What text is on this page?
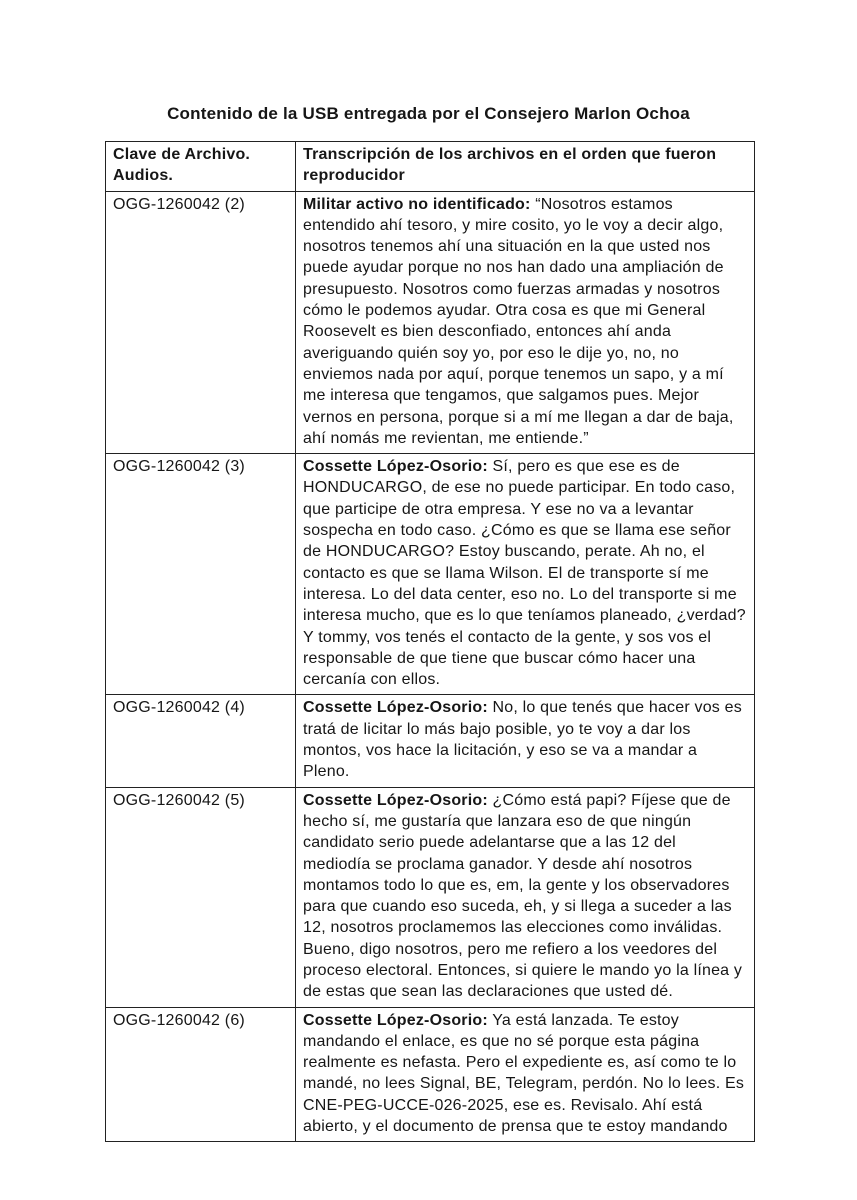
Contenido de la USB entregada por el Consejero Marlon Ochoa
Clave de Archivo. Audios.	Transcripción de los archivos en el orden que fueron reproducidor
OGG-1260042 (2)	Militar activo no identificado: “Nosotros estamos entendido ahí tesoro, y mire cosito, yo le voy a decir algo, nosotros tenemos ahí una situación en la que usted nos puede ayudar porque no nos han dado una ampliación de presupuesto. Nosotros como fuerzas armadas y nosotros cómo le podemos ayudar. Otra cosa es que mi General Roosevelt es bien desconfiado, entonces ahí anda averiguando quién soy yo, por eso le dije yo, no, no enviemos nada por aquí, porque tenemos un sapo, y a mí me interesa que tengamos, que salgamos pues. Mejor vernos en persona, porque si a mí me llegan a dar de baja, ahí nomás me revientan, me entiende.”
OGG-1260042 (3)	Cossette López-Osorio: Sí, pero es que ese es de HONDUCARGO, de ese no puede participar. En todo caso, que participe de otra empresa. Y ese no va a levantar sospecha en todo caso. ¿Cómo es que se llama ese señor de HONDUCARGO? Estoy buscando, perate. Ah no, el contacto es que se llama Wilson. El de transporte sí me interesa. Lo del data center, eso no. Lo del transporte si me interesa mucho, que es lo que teníamos planeado, ¿verdad? Y tommy, vos tenés el contacto de la gente, y sos vos el responsable de que tiene que buscar cómo hacer una cercanía con ellos.
OGG-1260042 (4)	Cossette López-Osorio: No, lo que tenés que hacer vos es tratá de licitar lo más bajo posible, yo te voy a dar los montos, vos hace la licitación, y eso se va a mandar a Pleno.
OGG-1260042 (5)	Cossette López-Osorio: ¿Cómo está papi? Fíjese que de hecho sí, me gustaría que lanzara eso de que ningún candidato serio puede adelantarse que a las 12 del mediodía se proclama ganador. Y desde ahí nosotros montamos todo lo que es, em, la gente y los observadores para que cuando eso suceda, eh, y si llega a suceder a las 12, nosotros proclamemos las elecciones como inválidas. Bueno, digo nosotros, pero me refiero a los veedores del proceso electoral. Entonces, si quiere le mando yo la línea y de estas que sean las declaraciones que usted dé.
OGG-1260042 (6)	Cossette López-Osorio: Ya está lanzada. Te estoy mandando el enlace, es que no sé porque esta página realmente es nefasta. Pero el expediente es, así como te lo mandé, no lees Signal, BE, Telegram, perdón. No lo lees. Es CNE-PEG-UCCE-026-2025, ese es. Revisalo. Ahí está abierto, y el documento de prensa que te estoy mandando
